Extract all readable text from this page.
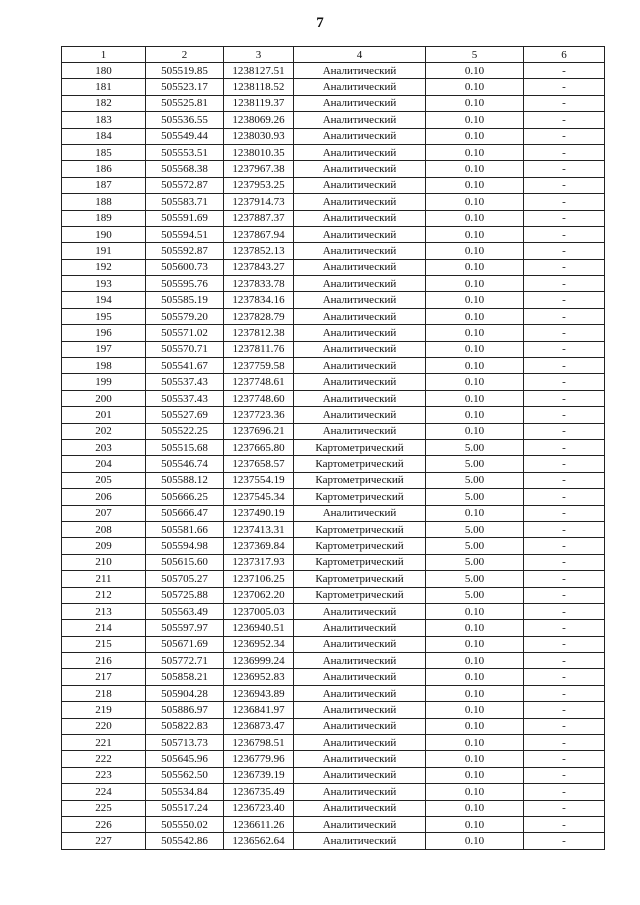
7
1	2	3	4	5	6
180	505519.85	1238127.51	Аналитический	0.10	-
181	505523.17	1238118.52	Аналитический	0.10	-
182	505525.81	1238119.37	Аналитический	0.10	-
183	505536.55	1238069.26	Аналитический	0.10	-
184	505549.44	1238030.93	Аналитический	0.10	-
185	505553.51	1238010.35	Аналитический	0.10	-
186	505568.38	1237967.38	Аналитический	0.10	-
187	505572.87	1237953.25	Аналитический	0.10	-
188	505583.71	1237914.73	Аналитический	0.10	-
189	505591.69	1237887.37	Аналитический	0.10	-
190	505594.51	1237867.94	Аналитический	0.10	-
191	505592.87	1237852.13	Аналитический	0.10	-
192	505600.73	1237843.27	Аналитический	0.10	-
193	505595.76	1237833.78	Аналитический	0.10	-
194	505585.19	1237834.16	Аналитический	0.10	-
195	505579.20	1237828.79	Аналитический	0.10	-
196	505571.02	1237812.38	Аналитический	0.10	-
197	505570.71	1237811.76	Аналитический	0.10	-
198	505541.67	1237759.58	Аналитический	0.10	-
199	505537.43	1237748.61	Аналитический	0.10	-
200	505537.43	1237748.60	Аналитический	0.10	-
201	505527.69	1237723.36	Аналитический	0.10	-
202	505522.25	1237696.21	Аналитический	0.10	-
203	505515.68	1237665.80	Картометрический	5.00	-
204	505546.74	1237658.57	Картометрический	5.00	-
205	505588.12	1237554.19	Картометрический	5.00	-
206	505666.25	1237545.34	Картометрический	5.00	-
207	505666.47	1237490.19	Аналитический	0.10	-
208	505581.66	1237413.31	Картометрический	5.00	-
209	505594.98	1237369.84	Картометрический	5.00	-
210	505615.60	1237317.93	Картометрический	5.00	-
211	505705.27	1237106.25	Картометрический	5.00	-
212	505725.88	1237062.20	Картометрический	5.00	-
213	505563.49	1237005.03	Аналитический	0.10	-
214	505597.97	1236940.51	Аналитический	0.10	-
215	505671.69	1236952.34	Аналитический	0.10	-
216	505772.71	1236999.24	Аналитический	0.10	-
217	505858.21	1236952.83	Аналитический	0.10	-
218	505904.28	1236943.89	Аналитический	0.10	-
219	505886.97	1236841.97	Аналитический	0.10	-
220	505822.83	1236873.47	Аналитический	0.10	-
221	505713.73	1236798.51	Аналитический	0.10	-
222	505645.96	1236779.96	Аналитический	0.10	-
223	505562.50	1236739.19	Аналитический	0.10	-
224	505534.84	1236735.49	Аналитический	0.10	-
225	505517.24	1236723.40	Аналитический	0.10	-
226	505550.02	1236611.26	Аналитический	0.10	-
227	505542.86	1236562.64	Аналитический	0.10	-
